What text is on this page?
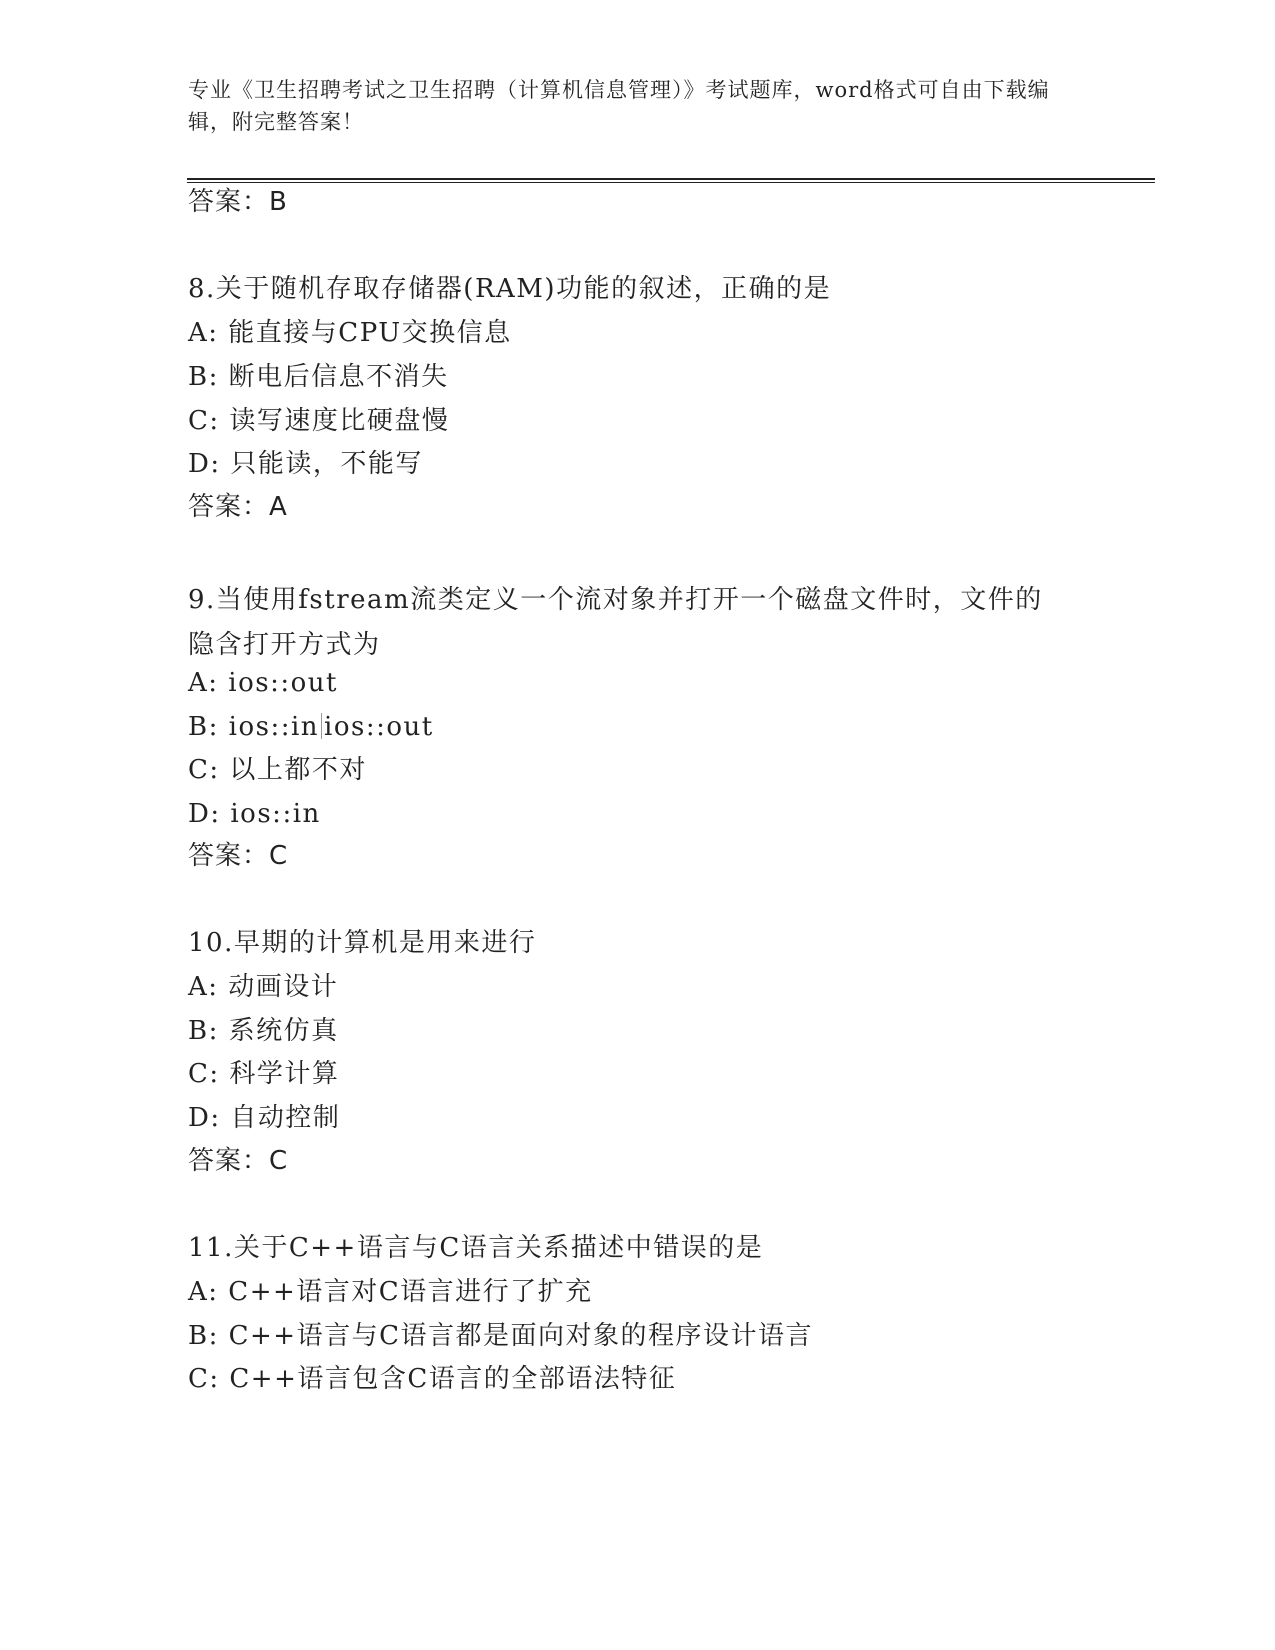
专业《卫生招聘考试之卫生招聘（计算机信息管理）》考试题库，word格式可自由下载编辑，附完整答案！
答案：B
8.关于随机存取存储器(RAM)功能的叙述，正确的是
A: 能直接与CPU交换信息
B: 断电后信息不消失
C: 读写速度比硬盘慢
D: 只能读，不能写
答案：A
9.当使用fstream流类定义一个流对象并打开一个磁盘文件时，文件的隐含打开方式为
A: ios::out
B: ios::in ios::out
C: 以上都不对
D: ios::in
答案：C
10.早期的计算机是用来进行
A: 动画设计
B: 系统仿真
C: 科学计算
D: 自动控制
答案：C
11.关于C++语言与C语言关系描述中错误的是
A: C++语言对C语言进行了扩充
B: C++语言与C语言都是面向对象的程序设计语言
C: C++语言包含C语言的全部语法特征
